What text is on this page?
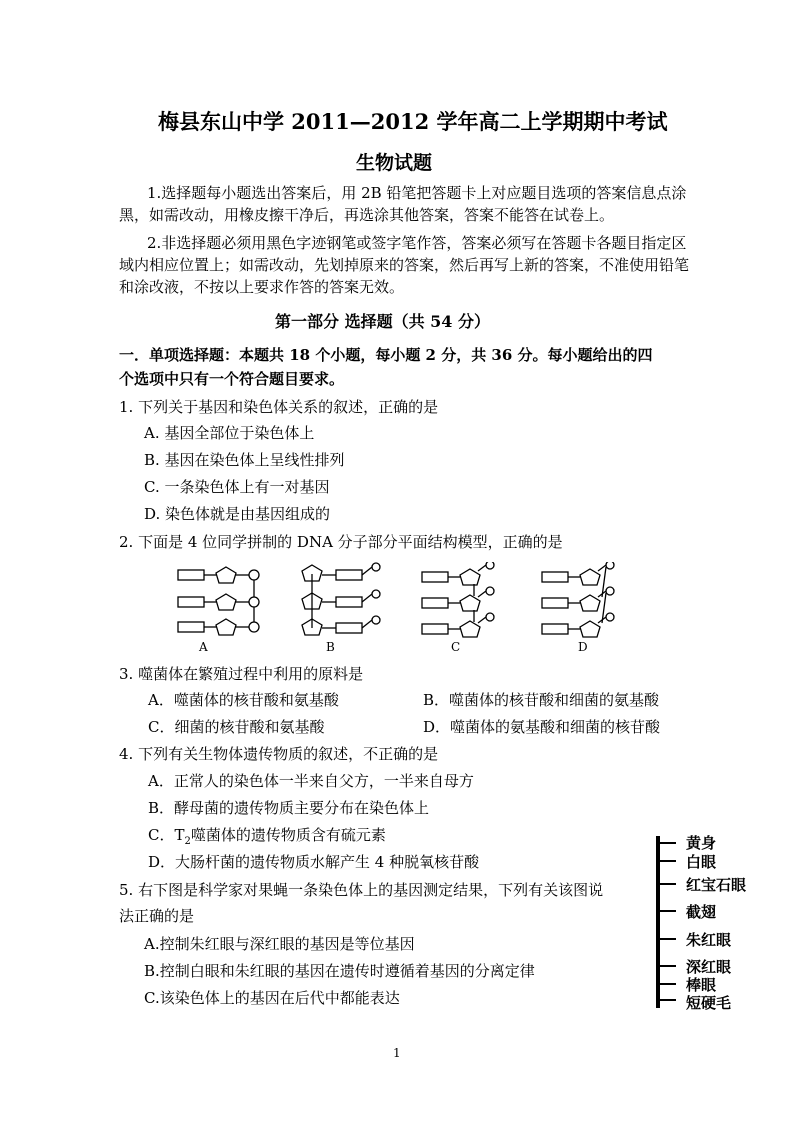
梅县东山中学 2011—2012 学年高二上学期期中考试
生物试题
1.选择题每小题选出答案后，用 2B 铅笔把答题卡上对应题目选项的答案信息点涂
黑，如需改动，用橡皮擦干净后，再选涂其他答案，答案不能答在试卷上。
2.非选择题必须用黑色字迹钢笔或签字笔作答，答案必须写在答题卡各题目指定区
域内相应位置上；如需改动，先划掉原来的答案，然后再写上新的答案，不准使用铅笔
和涂改液，不按以上要求作答的答案无效。
第一部分 选择题（共 54 分）
一．单项选择题：本题共 18 个小题，每小题 2 分，共 36 分。每小题给出的四
个选项中只有一个符合题目要求。
1. 下列关于基因和染色体关系的叙述，正确的是
A. 基因全部位于染色体上
B. 基因在染色体上呈线性排列
C. 一条染色体上有一对基因
D. 染色体就是由基因组成的
2. 下面是 4 位同学拼制的 DNA 分子部分平面结构模型，正确的是
A	B	C	D
3. 噬菌体在繁殖过程中利用的原料是
A．噬菌体的核苷酸和氨基酸	B．噬菌体的核苷酸和细菌的氨基酸
C．细菌的核苷酸和氨基酸	D．噬菌体的氨基酸和细菌的核苷酸
4. 下列有关生物体遗传物质的叙述，不正确的是
A．正常人的染色体一半来自父方，一半来自母方
B．酵母菌的遗传物质主要分布在染色体上
C．$T_2$噬菌体的遗传物质含有硫元素
D．大肠杆菌的遗传物质水解产生 4 种脱氧核苷酸
5. 右下图是科学家对果蝇一条染色体上的基因测定结果，下列有关该图说
法正确的是
A.控制朱红眼与深红眼的基因是等位基因
B.控制白眼和朱红眼的基因在遗传时遵循着基因的分离定律
C.该染色体上的基因在后代中都能表达
黄身
白眼
红宝石眼
截翅
朱红眼
深红眼
棒眼
短硬毛
1
